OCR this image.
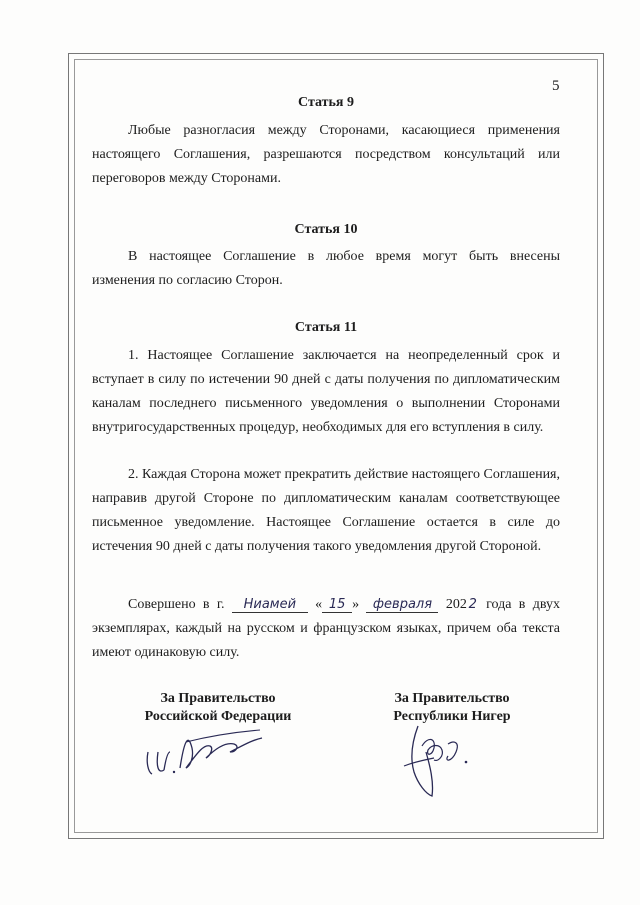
5
Статья 9

Любые разногласия между Сторонами, касающиеся применения настоящего Соглашения, разрешаются посредством консультаций или переговоров между Сторонами.

Статья 10

В настоящее Соглашение в любое время могут быть внесены изменения по согласию Сторон.

Статья 11

1. Настоящее Соглашение заключается на неопределенный срок и вступает в силу по истечении 90 дней с даты получения по дипломатическим каналам последнего письменного уведомления о выполнении Сторонами внутригосударственных процедур, необходимых для его вступления в силу.

2. Каждая Сторона может прекратить действие настоящего Соглашения, направив другой Стороне по дипломатическим каналам соответствующее письменное уведомление. Настоящее Соглашение остается в силе до истечения 90 дней с даты получения такого уведомления другой Стороной.

Совершено в г. Ниамей « 15 » февраля 202 2 года в двух экземплярах, каждый на русском и французском языках, причем оба текста имеют одинаковую силу.

За Правительство
Российской Федерации
За Правительство
Республики Нигер
